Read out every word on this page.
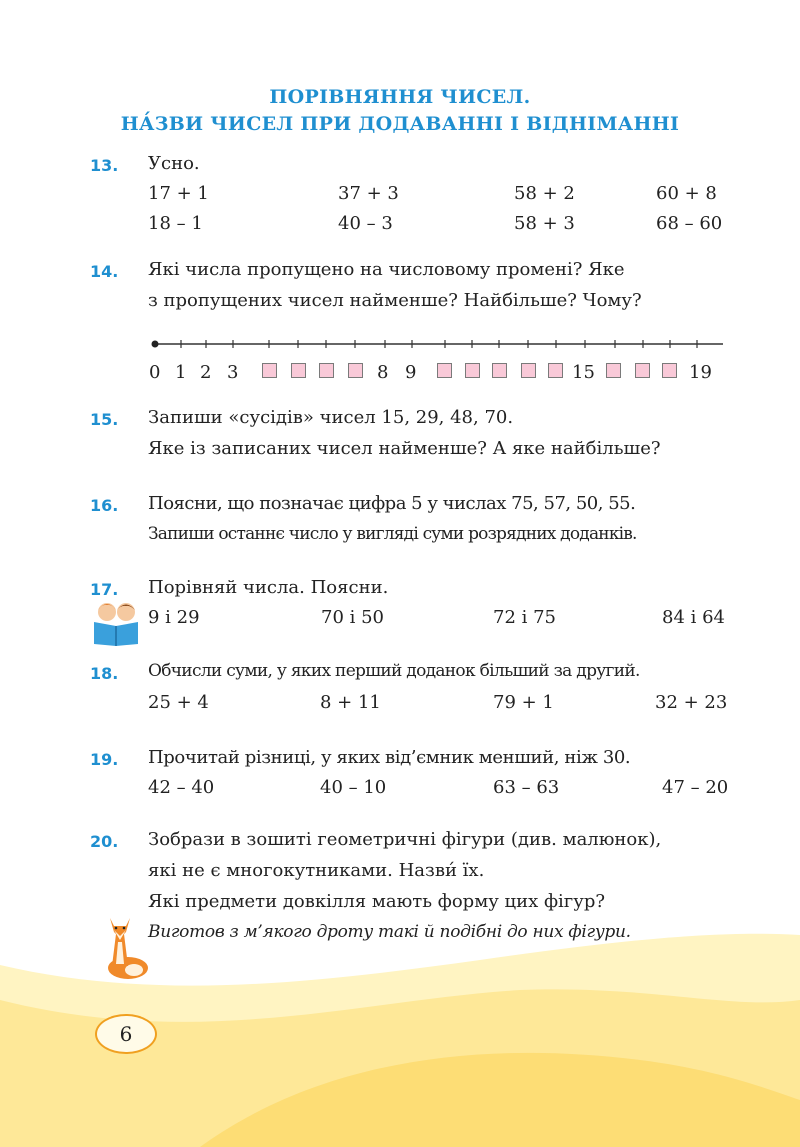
ПОРІВНЯННЯ ЧИСЕЛ.
НА́ЗВИ ЧИСЕЛ ПРИ ДОДАВАННІ І ВІДНІМАННІ
13. Усно.
17 + 1	37 + 3	58 + 2	60 + 8
18 – 1	40 – 3	58 + 3	68 – 60
14. Які числа пропущено на числовому промені? Яке
з пропущених чисел найменше? Найбільше? Чому?
0 1 2 3	8 9	15	19
15. Запиши «сусідів» чисел 15, 29, 48, 70.
Яке із записаних чисел найменше? А яке найбільше?
16. Поясни, що позначає цифра 5 у числах 75, 57, 50, 55.
Запиши останнє число у вигляді суми розрядних доданків.
17. Порівняй числа. Поясни.
9 і 29	70 і 50	72 і 75	84 і 64
18. Обчисли суми, у яких перший доданок більший за другий.
25 + 4	8 + 11	79 + 1	32 + 23
19. Прочитай різниці, у яких від’ємник менший, ніж 30.
42 – 40	40 – 10	63 – 63	47 – 20
20. Зобрази в зошиті геометричні фігури (див. малюнок),
які не є многокутниками. Назви́ їх.
Які предмети довкілля мають форму цих фігур?
Виготов з м’якого дроту такі й подібні до них фігури.
6
